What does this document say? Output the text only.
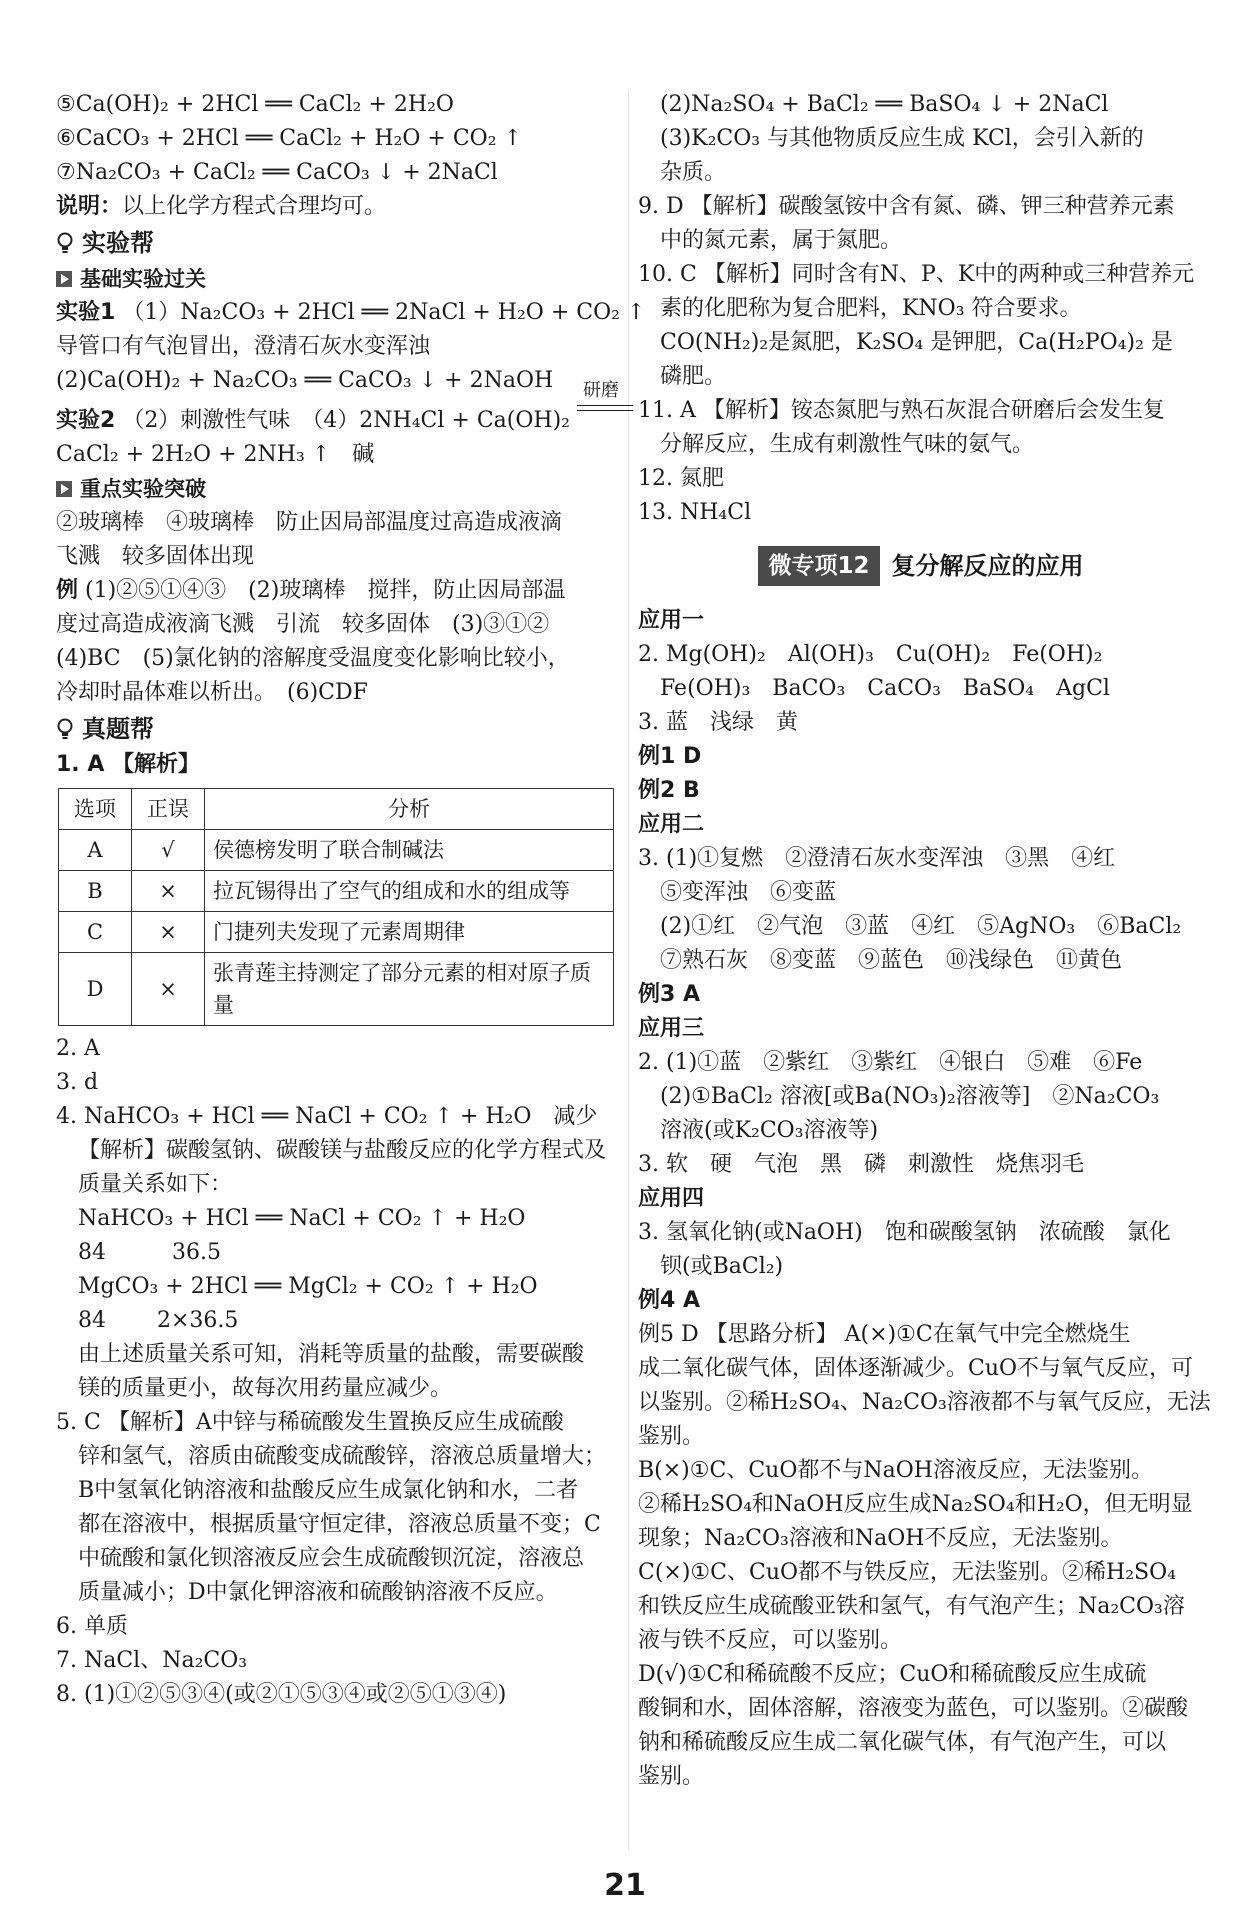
⑤Ca(OH)₂ + 2HCl ══ CaCl₂ + 2H₂O
⑥CaCO₃ + 2HCl ══ CaCl₂ + H₂O + CO₂ ↑
⑦Na₂CO₃ + CaCl₂ ══ CaCO₃ ↓ + 2NaCl
说明：以上化学方程式合理均可。
实验帮
基础实验过关
实验1 （1）Na₂CO₃ + 2HCl ══ 2NaCl + H₂O + CO₂ ↑
导管口有气泡冒出，澄清石灰水变浑浊
(2)Ca(OH)₂ + Na₂CO₃ ══ CaCO₃ ↓ + 2NaOH
实验2 （2）刺激性气味　（4）2NH₄Cl + Ca(OH)₂
研磨
CaCl₂ + 2H₂O + 2NH₃ ↑　碱
重点实验突破
②玻璃棒　④玻璃棒　防止因局部温度过高造成液滴
飞溅　较多固体出现
例 (1)②⑤①④③　(2)玻璃棒　搅拌，防止因局部温
度过高造成液滴飞溅　引流　较多固体　(3)③①②
(4)BC　(5)氯化钠的溶解度受温度变化影响比较小，
冷却时晶体难以析出。　(6)CDF
真题帮
1. A 【解析】
选项	正误	分析
A	√	侯德榜发明了联合制碱法
B	×	拉瓦锡得出了空气的组成和水的组成等
C	×	门捷列夫发现了元素周期律
D	×	张青莲主持测定了部分元素的相对原子质量
2. A
3. d
4. NaHCO₃ + HCl ══ NaCl + CO₂ ↑ + H₂O　减少
【解析】碳酸氢钠、碳酸镁与盐酸反应的化学方程式及
质量关系如下：
NaHCO₃ + HCl ══ NaCl + CO₂ ↑ + H₂O
84　　　36.5
MgCO₃ + 2HCl ══ MgCl₂ + CO₂ ↑ + H₂O
84　　 2×36.5
由上述质量关系可知，消耗等质量的盐酸，需要碳酸
镁的质量更小，故每次用药量应减少。
5. C 【解析】A中锌与稀硫酸发生置换反应生成硫酸
锌和氢气，溶质由硫酸变成硫酸锌，溶液总质量增大；
B中氢氧化钠溶液和盐酸反应生成氯化钠和水，二者
都在溶液中，根据质量守恒定律，溶液总质量不变；C
中硫酸和氯化钡溶液反应会生成硫酸钡沉淀，溶液总
质量减小；D中氯化钾溶液和硫酸钠溶液不反应。
6. 单质
7. NaCl、Na₂CO₃
8. (1)①②⑤③④(或②①⑤③④或②⑤①③④)
(2)Na₂SO₄ + BaCl₂ ══ BaSO₄ ↓ + 2NaCl
(3)K₂CO₃ 与其他物质反应生成 KCl，会引入新的
杂质。
9. D 【解析】碳酸氢铵中含有氮、磷、钾三种营养元素
中的氮元素，属于氮肥。
10. C 【解析】同时含有N、P、K中的两种或三种营养元
素的化肥称为复合肥料，KNO₃ 符合要求。
CO(NH₂)₂是氮肥，K₂SO₄ 是钾肥，Ca(H₂PO₄)₂ 是
磷肥。
11. A 【解析】铵态氮肥与熟石灰混合研磨后会发生复
分解反应，生成有刺激性气味的氨气。
12. 氮肥
13. NH₄Cl
微专项12 复分解反应的应用
应用一
2. Mg(OH)₂　Al(OH)₃　Cu(OH)₂　Fe(OH)₂
Fe(OH)₃　BaCO₃　CaCO₃　BaSO₄　AgCl
3. 蓝　浅绿　黄
例1 D
例2 B
应用二
3. (1)①复燃　②澄清石灰水变浑浊　③黑　④红
⑤变浑浊　⑥变蓝
(2)①红　②气泡　③蓝　④红　⑤AgNO₃　⑥BaCl₂
⑦熟石灰　⑧变蓝　⑨蓝色　⑩浅绿色　⑪黄色
例3 A
应用三
2. (1)①蓝　②紫红　③紫红　④银白　⑤难　⑥Fe
(2)①BaCl₂ 溶液[或Ba(NO₃)₂溶液等]　②Na₂CO₃
溶液(或K₂CO₃溶液等)
3. 软　硬　气泡　黑　磷　刺激性　烧焦羽毛
应用四
3. 氢氧化钠(或NaOH)　饱和碳酸氢钠　浓硫酸　氯化
钡(或BaCl₂)
例4 A
例5 D 【思路分析】 A(×)①C在氧气中完全燃烧生
成二氧化碳气体，固体逐渐减少。CuO不与氧气反应，可
以鉴别。②稀H₂SO₄、Na₂CO₃溶液都不与氧气反应，无法
鉴别。
B(×)①C、CuO都不与NaOH溶液反应，无法鉴别。
②稀H₂SO₄和NaOH反应生成Na₂SO₄和H₂O，但无明显
现象；Na₂CO₃溶液和NaOH不反应，无法鉴别。
C(×)①C、CuO都不与铁反应，无法鉴别。②稀H₂SO₄
和铁反应生成硫酸亚铁和氢气，有气泡产生；Na₂CO₃溶
液与铁不反应，可以鉴别。
D(√)①C和稀硫酸不反应；CuO和稀硫酸反应生成硫
酸铜和水，固体溶解，溶液变为蓝色，可以鉴别。②碳酸
钠和稀硫酸反应生成二氧化碳气体，有气泡产生，可以
鉴别。
21
